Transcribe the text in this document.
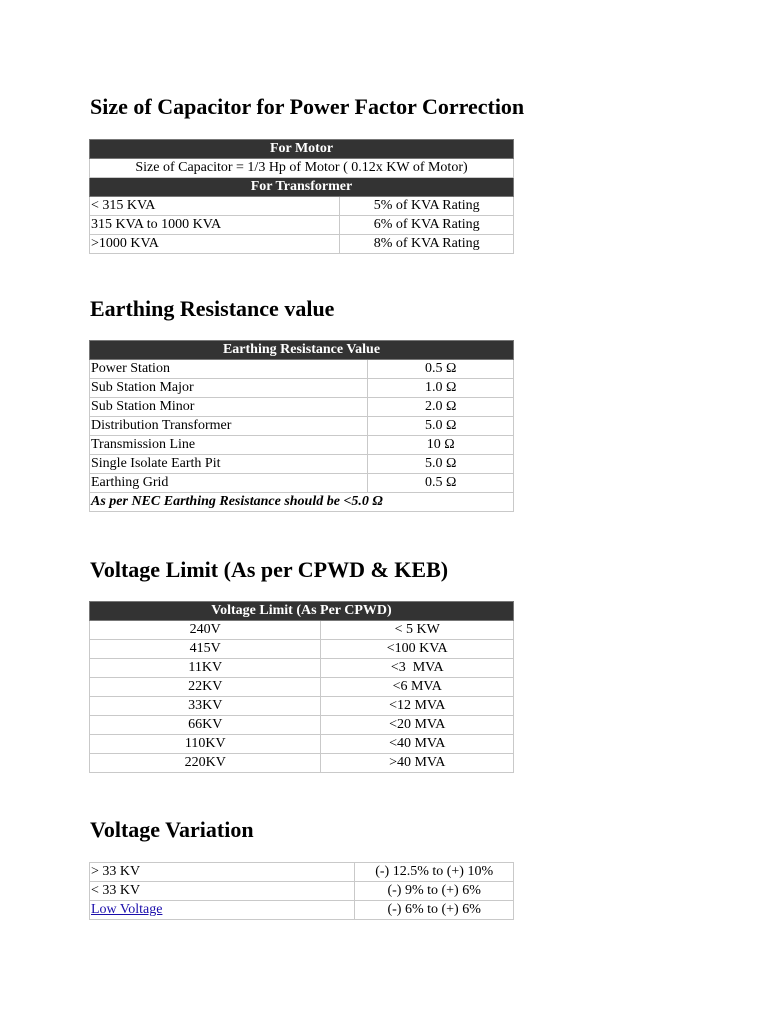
Size of Capacitor for Power Factor Correction
For Motor	
Size of Capacitor = 1/3 Hp of Motor ( 0.12x KW of Motor)	
For Transformer	
< 315 KVA	5% of KVA Rating
315 KVA to 1000 KVA	6% of KVA Rating
>1000 KVA	8% of KVA Rating
Earthing Resistance value
Earthing Resistance Value	
Power Station	0.5 Ω
Sub Station Major	1.0 Ω
Sub Station Minor	2.0 Ω
Distribution Transformer	5.0 Ω
Transmission Line	10 Ω
Single Isolate Earth Pit	5.0 Ω
Earthing Grid	0.5 Ω
As per NEC Earthing Resistance should be <5.0 Ω	
Voltage Limit (As per CPWD & KEB)
Voltage Limit (As Per CPWD)	
240V	< 5 KW
415V	<100 KVA
11KV	<3  MVA
22KV	<6 MVA
33KV	<12 MVA
66KV	<20 MVA
110KV	<40 MVA
220KV	>40 MVA
Voltage Variation
> 33 KV	(-) 12.5% to (+) 10%
< 33 KV	(-) 9% to (+) 6%
Low Voltage	(-) 6% to (+) 6%
